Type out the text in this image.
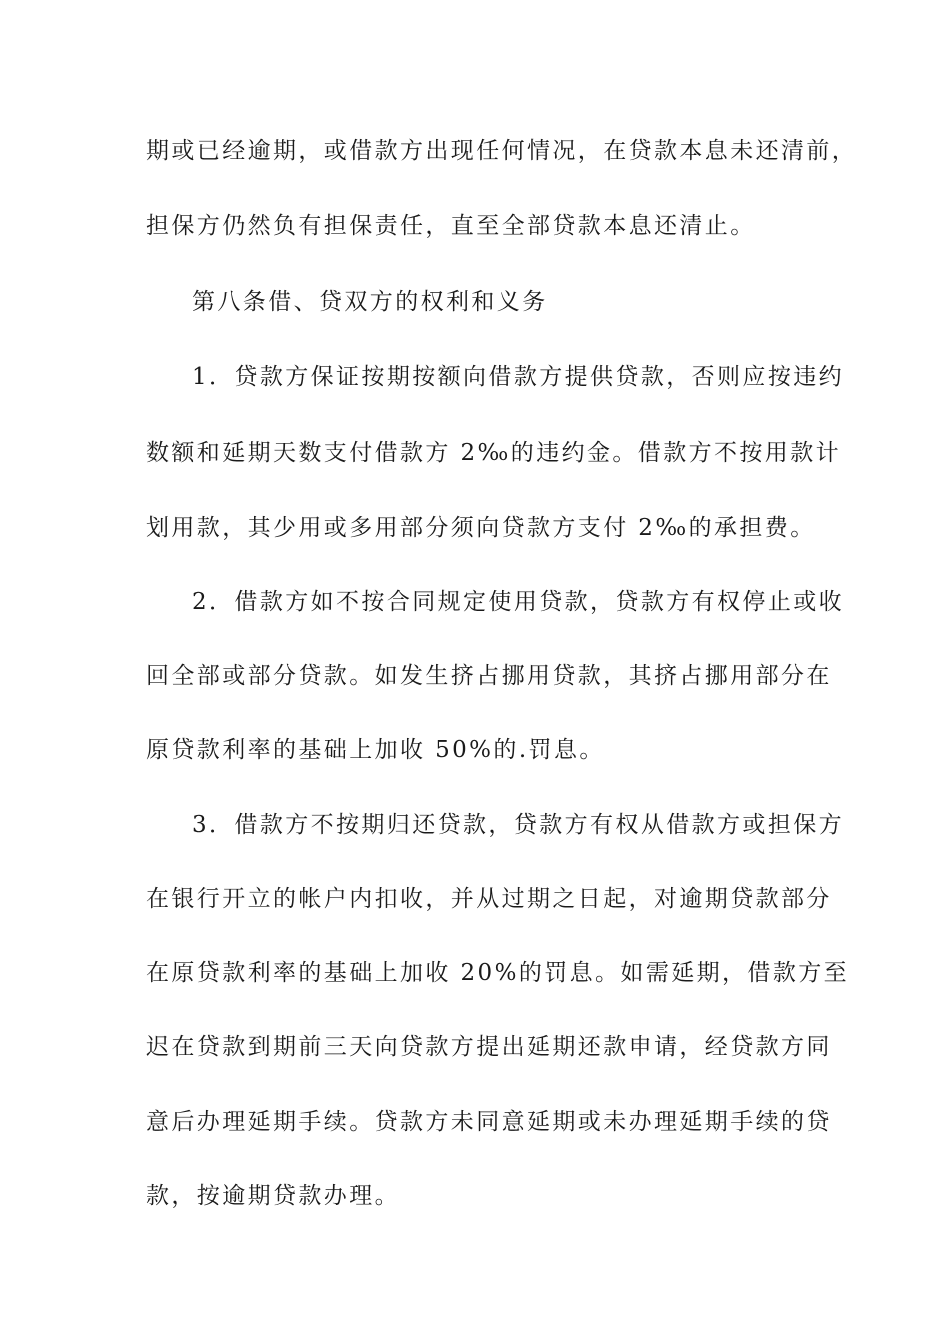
期或已经逾期，或借款方出现任何情况，在贷款本息未还清前，
担保方仍然负有担保责任，直至全部贷款本息还清止。
第八条借、贷双方的权利和义务
1．贷款方保证按期按额向借款方提供贷款，否则应按违约
数额和延期天数支付借款方 2‰的违约金。借款方不按用款计
划用款，其少用或多用部分须向贷款方支付 2‰的承担费。
2．借款方如不按合同规定使用贷款，贷款方有权停止或收
回全部或部分贷款。如发生挤占挪用贷款，其挤占挪用部分在
原贷款利率的基础上加收 50%的.罚息。
3．借款方不按期归还贷款，贷款方有权从借款方或担保方
在银行开立的帐户内扣收，并从过期之日起，对逾期贷款部分
在原贷款利率的基础上加收 20%的罚息。如需延期，借款方至
迟在贷款到期前三天向贷款方提出延期还款申请，经贷款方同
意后办理延期手续。贷款方未同意延期或未办理延期手续的贷
款，按逾期贷款办理。
